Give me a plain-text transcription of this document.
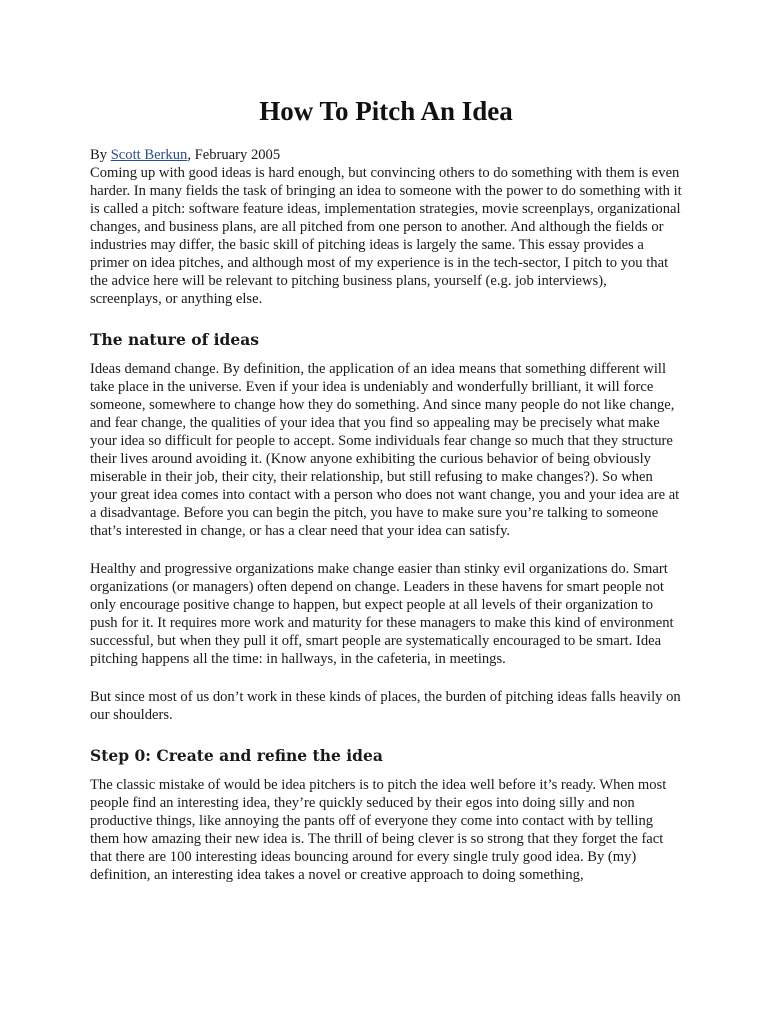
How To Pitch An Idea

By Scott Berkun, February 2005

Coming up with good ideas is hard enough, but convincing others to do something with them is even harder. In many fields the task of bringing an idea to someone with the power to do something with it is called a pitch: software feature ideas, implementation strategies, movie screenplays, organizational changes, and business plans, are all pitched from one person to another. And although the fields or industries may differ, the basic skill of pitching ideas is largely the same. This essay provides a primer on idea pitches, and although most of my experience is in the tech-sector, I pitch to you that the advice here will be relevant to pitching business plans, yourself (e.g. job interviews), screenplays, or anything else.

The nature of ideas

Ideas demand change. By definition, the application of an idea means that something different will take place in the universe. Even if your idea is undeniably and wonderfully brilliant, it will force someone, somewhere to change how they do something. And since many people do not like change, and fear change, the qualities of your idea that you find so appealing may be precisely what make your idea so difficult for people to accept. Some individuals fear change so much that they structure their lives around avoiding it. (Know anyone exhibiting the curious behavior of being obviously miserable in their job, their city, their relationship, but still refusing to make changes?). So when your great idea comes into contact with a person who does not want change, you and your idea are at a disadvantage. Before you can begin the pitch, you have to make sure you’re talking to someone that’s interested in change, or has a clear need that your idea can satisfy.

Healthy and progressive organizations make change easier than stinky evil organizations do. Smart organizations (or managers) often depend on change. Leaders in these havens for smart people not only encourage positive change to happen, but expect people at all levels of their organization to push for it. It requires more work and maturity for these managers to make this kind of environment successful, but when they pull it off, smart people are systematically encouraged to be smart. Idea pitching happens all the time: in hallways, in the cafeteria, in meetings.

But since most of us don’t work in these kinds of places, the burden of pitching ideas falls heavily on our shoulders.

Step 0: Create and refine the idea

The classic mistake of would be idea pitchers is to pitch the idea well before it’s ready. When most people find an interesting idea, they’re quickly seduced by their egos into doing silly and non productive things, like annoying the pants off of everyone they come into contact with by telling them how amazing their new idea is. The thrill of being clever is so strong that they forget the fact that there are 100 interesting ideas bouncing around for every single truly good idea. By (my) definition, an interesting idea takes a novel or creative approach to doing something,
